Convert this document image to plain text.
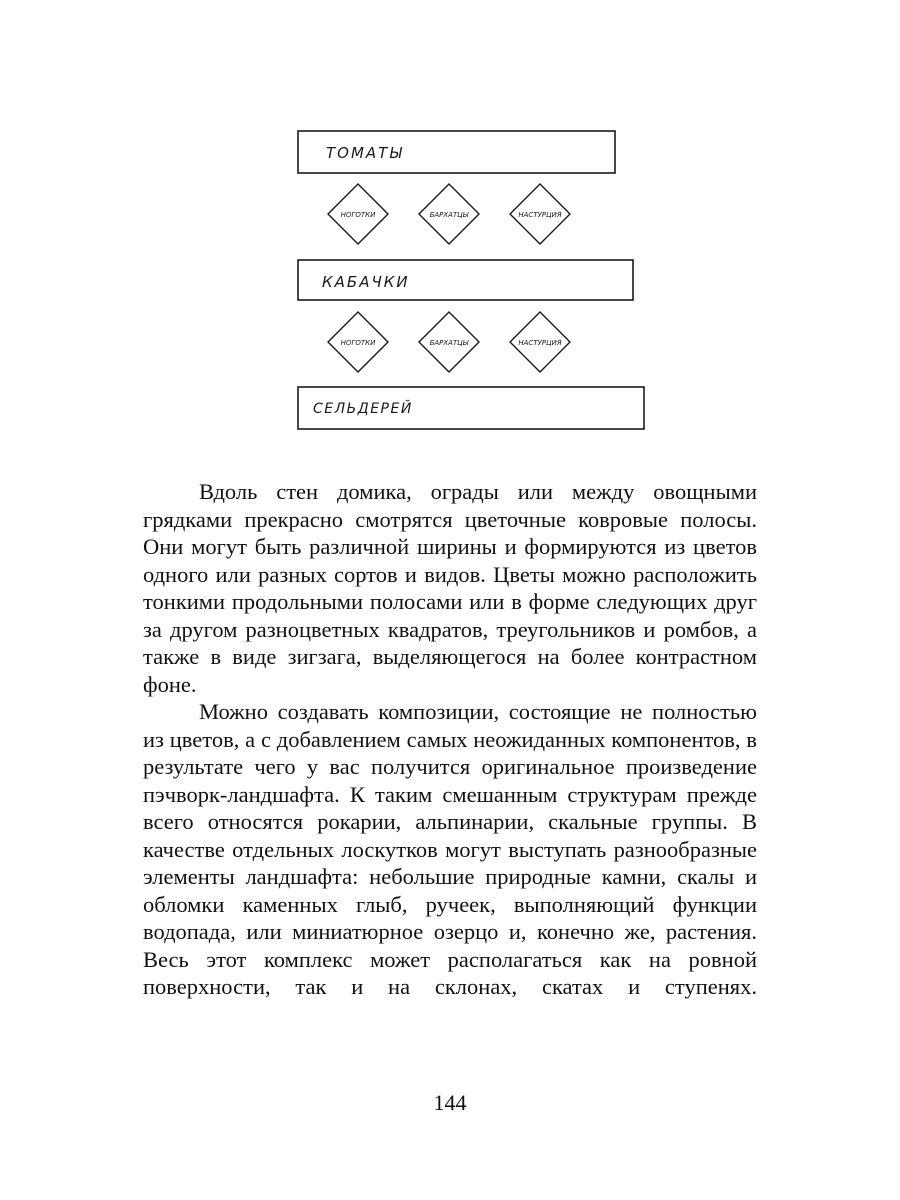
ТОМАТЫ
НОГОТКИ	БАРХАТЦЫ	НАСТУРЦИЯ
КАБАЧКИ
НОГОТКИ	БАРХАТЦЫ	НАСТУРЦИЯ
СЕЛЬДЕРЕЙ

Вдоль стен домика, ограды или между овощными грядками прекрасно смотрятся цветочные ковровые полосы. Они могут быть различной ширины и формируются из цветов одного или разных сортов и видов. Цветы можно расположить тонкими продольными полосами или в форме следующих друг за другом разноцветных квадратов, треугольников и ромбов, а также в виде зигзага, выделяющегося на более контрастном фоне.

Можно создавать композиции, состоящие не полностью из цветов, а с добавлением самых неожиданных компонентов, в результате чего у вас получится оригинальное произведение пэчворк-ландшафта. К таким смешанным структурам прежде всего относятся рокарии, альпинарии, скальные группы. В качестве отдельных лоскутков могут выступать разнообразные элементы ландшафта: небольшие природные камни, скалы и обломки каменных глыб, ручеек, выполняющий функции водопада, или миниатюрное озерцо и, конечно же, растения. Весь этот комплекс может располагаться как на ровной поверхности, так и на склонах, скатах и ступенях.

144
